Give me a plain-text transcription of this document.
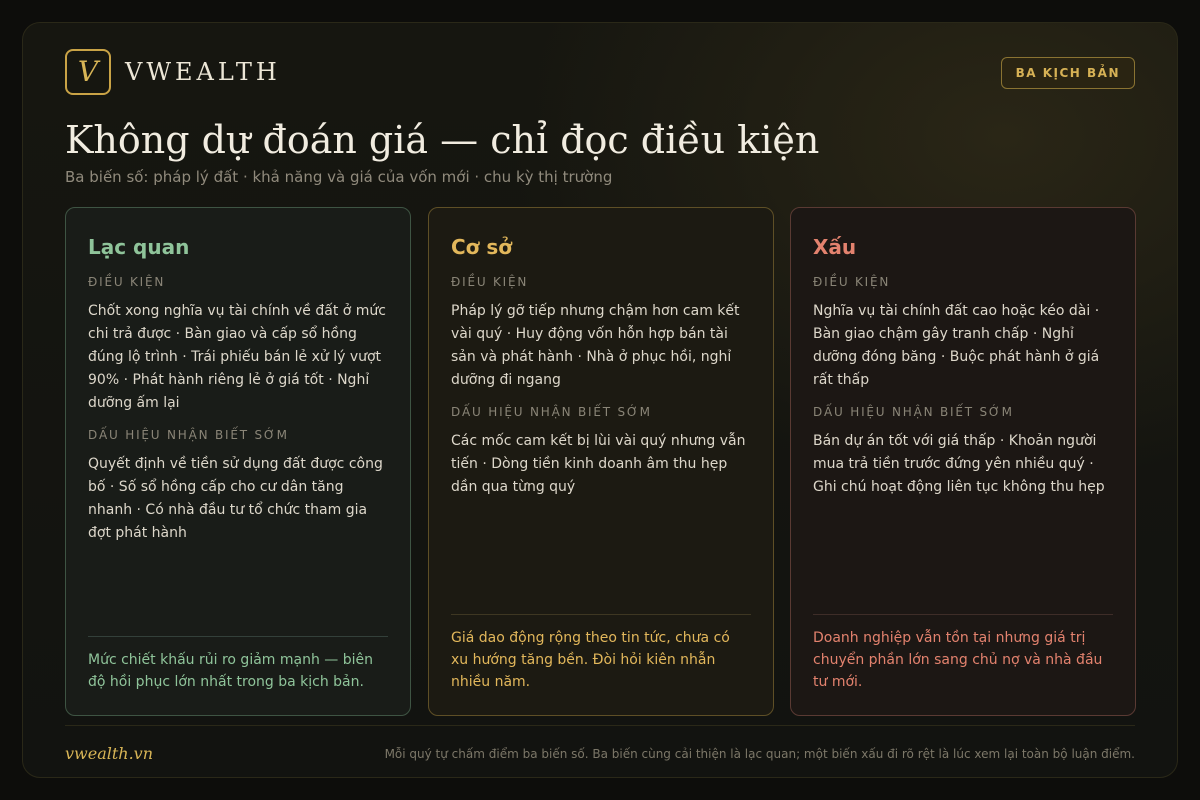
V	VWEALTH	BA KỊCH BẢN
Không dự đoán giá — chỉ đọc điều kiện
Ba biến số: pháp lý đất · khả năng và giá của vốn mới · chu kỳ thị trường
Lạc quan
ĐIỀU KIỆN
Chốt xong nghĩa vụ tài chính về đất ở mức chi trả được · Bàn giao và cấp sổ hồng đúng lộ trình · Trái phiếu bán lẻ xử lý vượt 90% · Phát hành riêng lẻ ở giá tốt · Nghỉ dưỡng ấm lại
DẤU HIỆU NHẬN BIẾT SỚM
Quyết định về tiền sử dụng đất được công bố · Số sổ hồng cấp cho cư dân tăng nhanh · Có nhà đầu tư tổ chức tham gia đợt phát hành
Mức chiết khấu rủi ro giảm mạnh — biên độ hồi phục lớn nhất trong ba kịch bản.
Cơ sở
ĐIỀU KIỆN
Pháp lý gỡ tiếp nhưng chậm hơn cam kết vài quý · Huy động vốn hỗn hợp bán tài sản và phát hành · Nhà ở phục hồi, nghỉ dưỡng đi ngang
DẤU HIỆU NHẬN BIẾT SỚM
Các mốc cam kết bị lùi vài quý nhưng vẫn tiến · Dòng tiền kinh doanh âm thu hẹp dần qua từng quý
Giá dao động rộng theo tin tức, chưa có xu hướng tăng bền. Đòi hỏi kiên nhẫn nhiều năm.
Xấu
ĐIỀU KIỆN
Nghĩa vụ tài chính đất cao hoặc kéo dài · Bàn giao chậm gây tranh chấp · Nghỉ dưỡng đóng băng · Buộc phát hành ở giá rất thấp
DẤU HIỆU NHẬN BIẾT SỚM
Bán dự án tốt với giá thấp · Khoản người mua trả tiền trước đứng yên nhiều quý · Ghi chú hoạt động liên tục không thu hẹp
Doanh nghiệp vẫn tồn tại nhưng giá trị chuyển phần lớn sang chủ nợ và nhà đầu tư mới.
vwealth.vn	Mỗi quý tự chấm điểm ba biến số. Ba biến cùng cải thiện là lạc quan; một biến xấu đi rõ rệt là lúc xem lại toàn bộ luận điểm.
